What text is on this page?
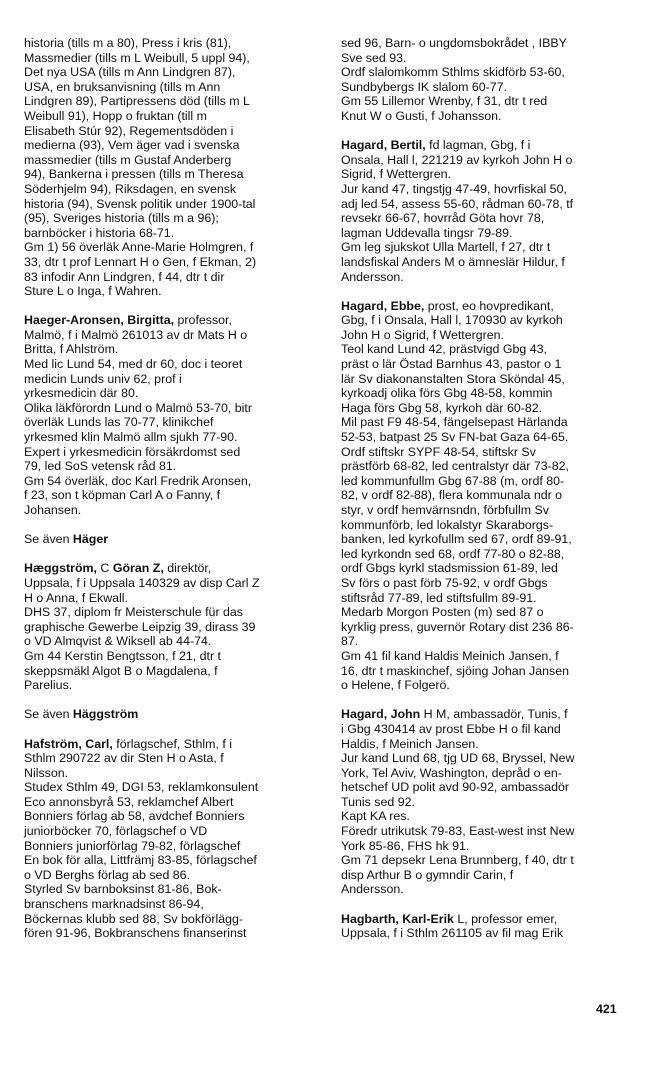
historia (tills m a 80), Press i kris (81),
Massmedier (tills m L Weibull, 5 uppl 94),
Det nya USA (tills m Ann Lindgren 87),
USA, en bruksanvisning (tills m Ann
Lindgren 89), Partipressens död (tills m L
Weibull 91), Hopp o fruktan (till m
Elisabeth Stúr 92), Regementsdöden i
medierna (93), Vem äger vad i svenska
massmedier (tills m Gustaf Anderberg
94), Bankerna i pressen (tills m Theresa
Söderhjelm 94), Riksdagen, en svensk
historia (94), Svensk politik under 1900-tal
(95), Sveriges historia (tills m a 96);
barnböcker i historia 68-71.
Gm 1) 56 överläk Anne-Marie Holmgren, f
33, dtr t prof Lennart H o Gen, f Ekman, 2)
83 infodir Ann Lindgren, f 44, dtr t dir
Sture L o Inga, f Wahren.

Haeger-Aronsen, Birgitta, professor,
Malmö, f i Malmö 261013 av dr Mats H o
Britta, f Ahlström.
Med lic Lund 54, med dr 60, doc i teoret
medicin Lunds univ 62, prof i
yrkesmedicin där 80.
Olika läkförordn Lund o Malmö 53-70, bitr
överläk Lunds las 70-77, klinikchef
yrkesmed klin Malmö allm sjukh 77-90.
Expert i yrkesmedicin försäkrdomst sed
79, led SoS vetensk råd 81.
Gm 54 överläk, doc Karl Fredrik Aronsen,
f 23, son t köpman Carl A o Fanny, f
Johansen.

Se även Häger

Hæggström, C Göran Z, direktör,
Uppsala, f i Uppsala 140329 av disp Carl Z
H o Anna, f Ekwall.
DHS 37, diplom fr Meisterschule für das
graphische Gewerbe Leipzig 39, dirass 39
o VD Almqvist & Wiksell ab 44-74.
Gm 44 Kerstin Bengtsson, f 21, dtr t
skeppsmäkl Algot B o Magdalena, f
Parelius.

Se även Häggström

Hafström, Carl, förlagschef, Sthlm, f i
Sthlm 290722 av dir Sten H o Asta, f
Nilsson.
Studex Sthlm 49, DGI 53, reklamkonsulent
Eco annonsbyrå 53, reklamchef Albert
Bonniers förlag ab 58, avdchef Bonniers
juniorböcker 70, förlagschef o VD
Bonniers juniorförlag 79-82, förlagschef
En bok för alla, Littfrämj 83-85, förlagschef
o VD Berghs förlag ab sed 86.
Styrled Sv barnboksinst 81-86, Bok-
branschens marknadsinst 86-94,
Böckernas klubb sed 88, Sv bokförlägg-
fören 91-96, Bokbranschens finanserinst

sed 96, Barn- o ungdomsbokrådet , IBBY
Sve sed 93.
Ordf slalomkomm Sthlms skidförb 53-60,
Sundbybergs IK slalom 60-77.
Gm 55 Lillemor Wrenby, f 31, dtr t red
Knut W o Gusti, f Johansson.

Hagard, Bertil, fd lagman, Gbg, f i
Onsala, Hall l, 221219 av kyrkoh John H o
Sigrid, f Wettergren.
Jur kand 47, tingstjg 47-49, hovrfiskal 50,
adj led 54, assess 55-60, rådman 60-78, tf
revsekr 66-67, hovrråd Göta hovr 78,
lagman Uddevalla tingsr 79-89.
Gm leg sjukskot Ulla Martell, f 27, dtr t
landsfiskal Anders M o ämneslär Hildur, f
Andersson.

Hagard, Ebbe, prost, eo hovpredikant,
Gbg, f i Onsala, Hall l, 170930 av kyrkoh
John H o Sigrid, f Wettergren.
Teol kand Lund 42, prästvigd Gbg 43,
präst o lär Östad Barnhus 43, pastor o 1
lär Sv diakonanstalten Stora Sköndal 45,
kyrkoadj olika förs Gbg 48-58, kommin
Haga förs Gbg 58, kyrkoh där 60-82.
Mil past F9 48-54, fängelsepast Härlanda
52-53, batpast 25 Sv FN-bat Gaza 64-65.
Ordf stiftskr SYPF 48-54, stiftskr Sv
prästförb 68-82, led centralstyr där 73-82,
led kommunfullm Gbg 67-88 (m, ordf 80-
82, v ordf 82-88), flera kommunala ndr o
styr, v ordf hemvärnsndn, förbfullm Sv
kommunförb, led lokalstyr Skaraborgs-
banken, led kyrkofullm sed 67, ordf 89-91,
led kyrkondn sed 68, ordf 77-80 o 82-88,
ordf Gbgs kyrkl stadsmission 61-89, led
Sv förs o past förb 75-92, v ordf Gbgs
stiftsråd 77-89, led stiftsfullm 89-91.
Medarb Morgon Posten (m) sed 87 o
kyrklig press, guvernör Rotary dist 236 86-
87.
Gm 41 fil kand Haldis Meinich Jansen, f
16, dtr t maskinchef, sjöing Johan Jansen
o Helene, f Folgerö.

Hagard, John H M, ambassadör, Tunis, f
i Gbg 430414 av prost Ebbe H o fil kand
Haldis, f Meinich Jansen.
Jur kand Lund 68, tjg UD 68, Bryssel, New
York, Tel Aviv, Washington, depråd o en-
hetschef UD polit avd 90-92, ambassadör
Tunis sed 92.
Kapt KA res.
Föredr utrikutsk 79-83, East-west inst New
York 85-86, FHS hk 91.
Gm 71 depsekr Lena Brunnberg, f 40, dtr t
disp Arthur B o gymndir Carin, f
Andersson.

Hagbarth, Karl-Erik L, professor emer,
Uppsala, f i Sthlm 261105 av fil mag Erik

421
